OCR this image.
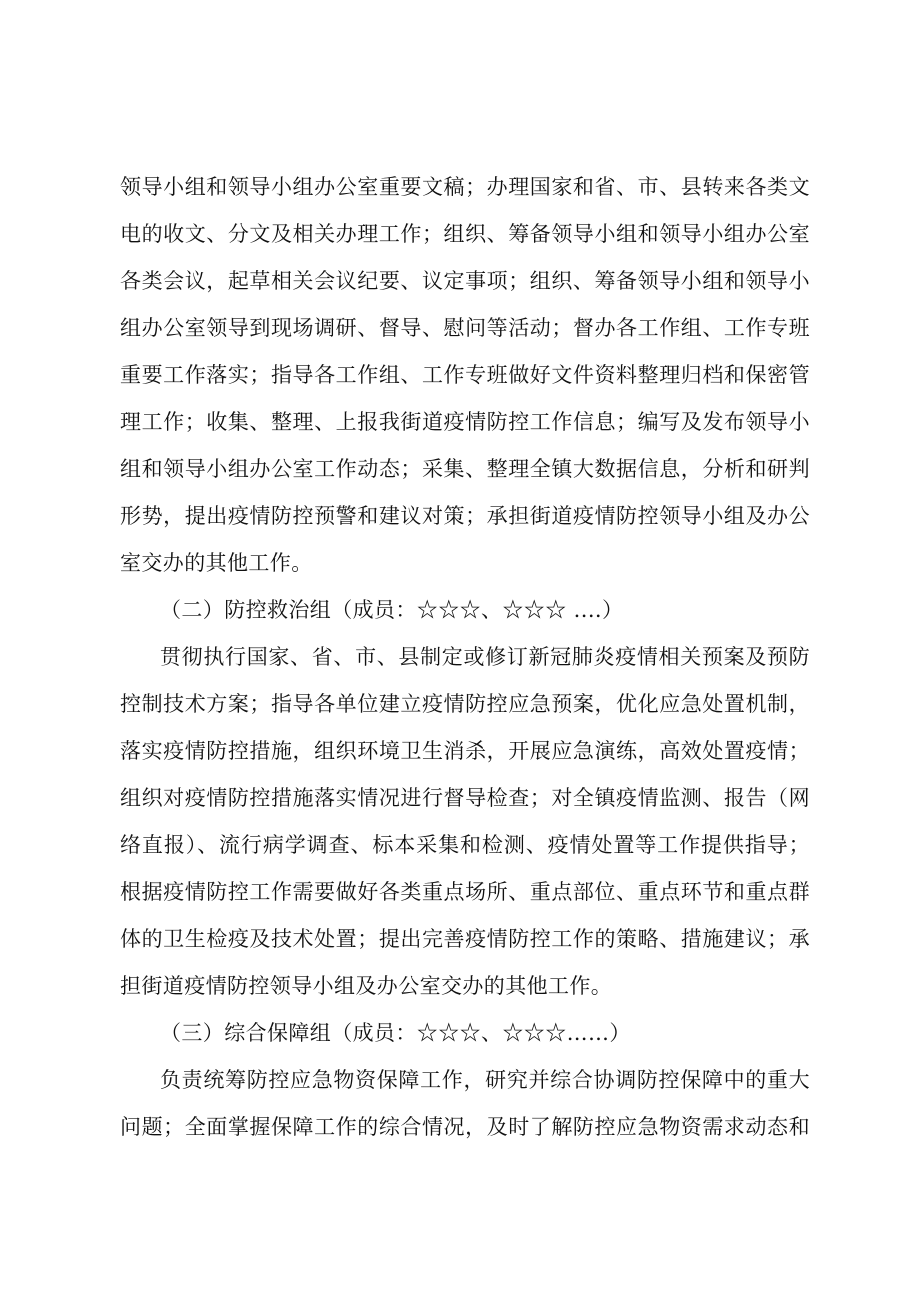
领导小组和领导小组办公室重要文稿；办理国家和省、市、县转来各类文
电的收文、分文及相关办理工作；组织、筹备领导小组和领导小组办公室
各类会议，起草相关会议纪要、议定事项；组织、筹备领导小组和领导小
组办公室领导到现场调研、督导、慰问等活动；督办各工作组、工作专班
重要工作落实；指导各工作组、工作专班做好文件资料整理归档和保密管
理工作；收集、整理、上报我街道疫情防控工作信息；编写及发布领导小
组和领导小组办公室工作动态；采集、整理全镇大数据信息，分析和研判
形势，提出疫情防控预警和建议对策；承担街道疫情防控领导小组及办公
室交办的其他工作。
（二）防控救治组（成员：☆☆☆、☆☆☆ ....）
贯彻执行国家、省、市、县制定或修订新冠肺炎疫情相关预案及预防
控制技术方案；指导各单位建立疫情防控应急预案，优化应急处置机制，
落实疫情防控措施，组织环境卫生消杀，开展应急演练，高效处置疫情；
组织对疫情防控措施落实情况进行督导检查；对全镇疫情监测、报告（网
络直报）、流行病学调查、标本采集和检测、疫情处置等工作提供指导；
根据疫情防控工作需要做好各类重点场所、重点部位、重点环节和重点群
体的卫生检疫及技术处置；提出完善疫情防控工作的策略、措施建议；承
担街道疫情防控领导小组及办公室交办的其他工作。
（三）综合保障组（成员：☆☆☆、☆☆☆……）
负责统筹防控应急物资保障工作，研究并综合协调防控保障中的重大
问题；全面掌握保障工作的综合情况，及时了解防控应急物资需求动态和
